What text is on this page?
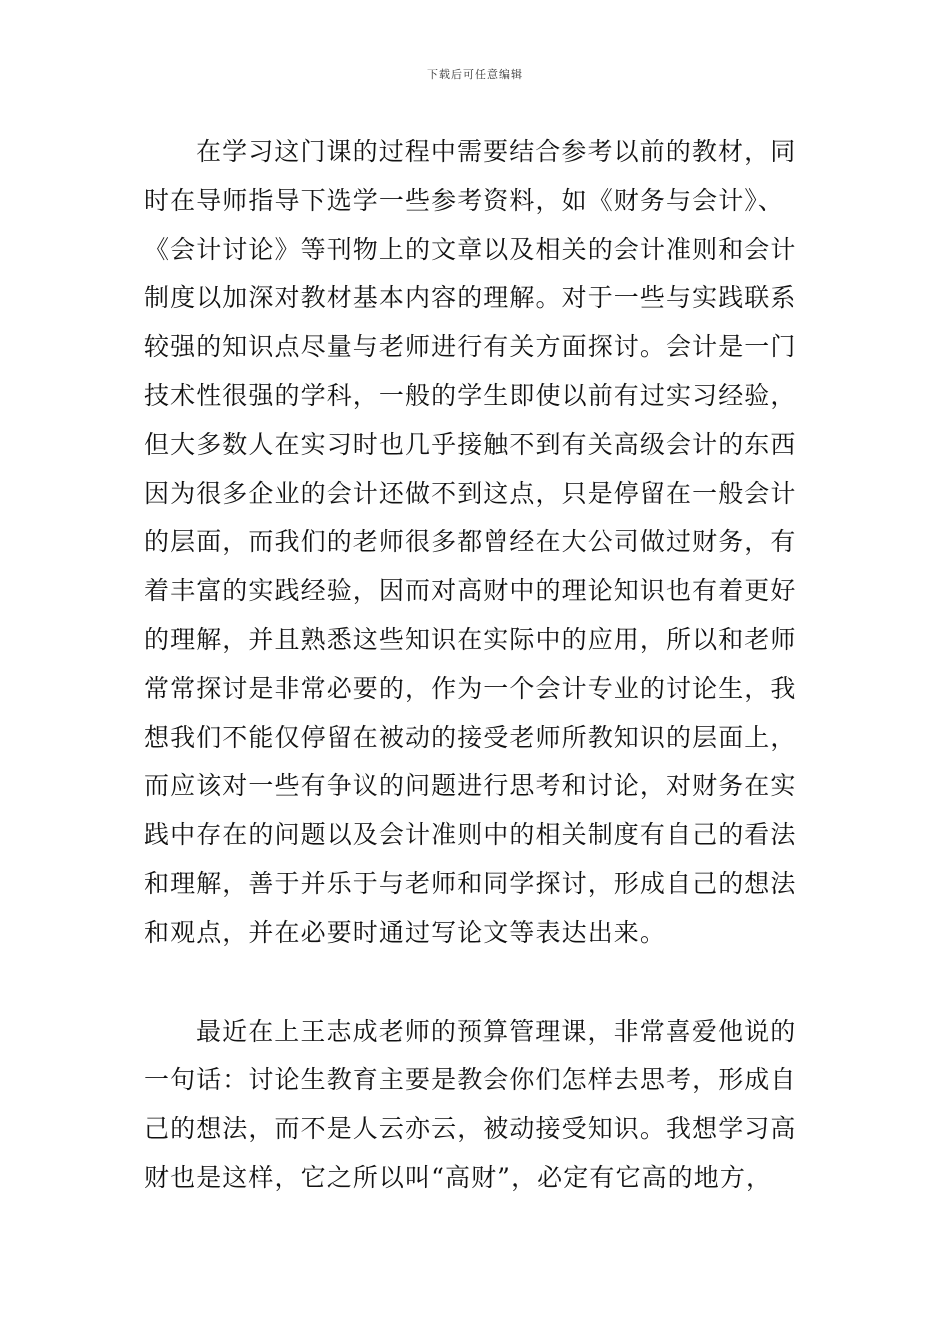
下载后可任意编辑
在学习这门课的过程中需要结合参考以前的教材，同
时在导师指导下选学一些参考资料，如《财务与会计》、
《会计讨论》等刊物上的文章以及相关的会计准则和会计
制度以加深对教材基本内容的理解。对于一些与实践联系
较强的知识点尽量与老师进行有关方面探讨。会计是一门
技术性很强的学科，一般的学生即使以前有过实习经验，
但大多数人在实习时也几乎接触不到有关高级会计的东西
因为很多企业的会计还做不到这点，只是停留在一般会计
的层面，而我们的老师很多都曾经在大公司做过财务，有
着丰富的实践经验，因而对高财中的理论知识也有着更好
的理解，并且熟悉这些知识在实际中的应用，所以和老师
常常探讨是非常必要的，作为一个会计专业的讨论生，我
想我们不能仅停留在被动的接受老师所教知识的层面上，
而应该对一些有争议的问题进行思考和讨论，对财务在实
践中存在的问题以及会计准则中的相关制度有自己的看法
和理解，善于并乐于与老师和同学探讨，形成自己的想法
和观点，并在必要时通过写论文等表达出来。
最近在上王志成老师的预算管理课，非常喜爱他说的
一句话：讨论生教育主要是教会你们怎样去思考，形成自
己的想法，而不是人云亦云，被动接受知识。我想学习高
财也是这样，它之所以叫“高财”，必定有它高的地方，
